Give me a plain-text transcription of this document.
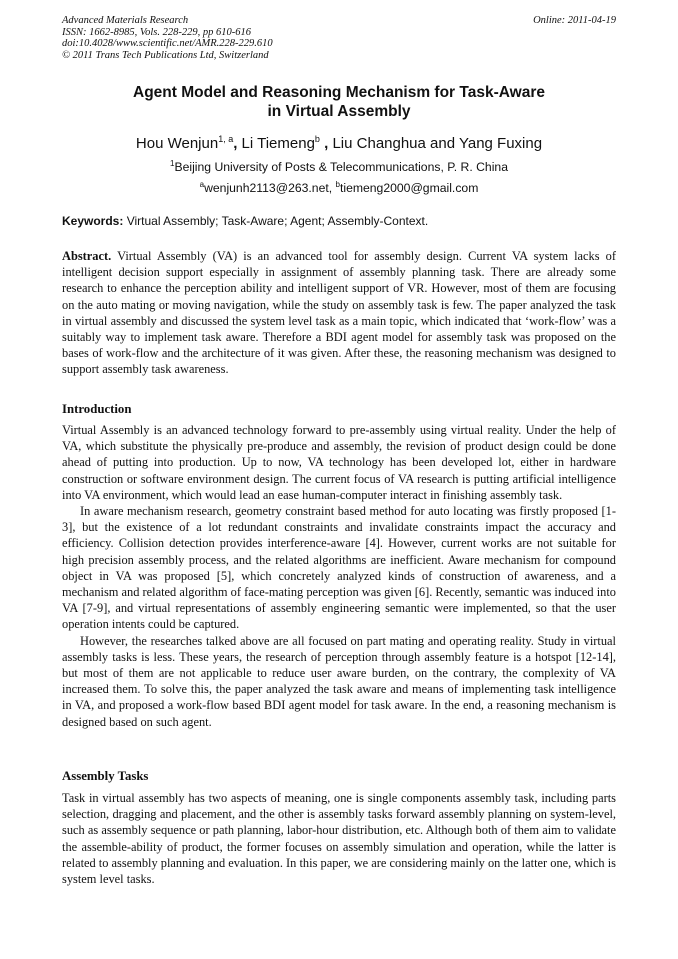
Advanced Materials Research
ISSN: 1662-8985, Vols. 228-229, pp 610-616
doi:10.4028/www.scientific.net/AMR.228-229.610
© 2011 Trans Tech Publications Ltd, Switzerland
Online: 2011-04-19
Agent Model and Reasoning Mechanism for Task-Aware
in Virtual Assembly
Hou Wenjun$^{1, a}$, Li Tiemeng$^b$ , Liu Changhua and Yang Fuxing
$^1$Beijing University of Posts & Telecommunications, P. R. China
$^a$wenjunh2113@263.net, $^b$tiemeng2000@gmail.com
Keywords: Virtual Assembly; Task-Aware; Agent; Assembly-Context.

Abstract. Virtual Assembly (VA) is an advanced tool for assembly design. Current VA system lacks of intelligent decision support especially in assignment of assembly planning task. There are already some research to enhance the perception ability and intelligent support of VR. However, most of them are focusing on the auto mating or moving navigation, while the study on assembly task is few. The paper analyzed the task in virtual assembly and discussed the system level task as a main topic, which indicated that ‘work-flow’ was a suitably way to implement task aware. Therefore a BDI agent model for assembly task was proposed on the bases of work-flow and the architecture of it was given. After these, the reasoning mechanism was designed to support assembly task awareness.

Introduction

Virtual Assembly is an advanced technology forward to pre-assembly using virtual reality. Under the help of VA, which substitute the physically pre-produce and assembly, the revision of product design could be done ahead of putting into production. Up to now, VA technology has been developed lot, either in hardware construction or software environment design. The current focus of VA research is putting artificial intelligence into VA environment, which would lead an ease human-computer interact in finishing assembly task.

In aware mechanism research, geometry constraint based method for auto locating was firstly proposed [1-3], but the existence of a lot redundant constraints and invalidate constraints impact the accuracy and efficiency. Collision detection provides interference-aware [4]. However, current works are not suitable for high precision assembly process, and the related algorithms are inefficient. Aware mechanism for compound object in VA was proposed [5], which concretely analyzed kinds of construction of awareness, and a mechanism and related algorithm of face-mating perception was given [6]. Recently, semantic was induced into VA [7-9], and virtual representations of assembly engineering semantic were implemented, so that the user operation intents could be captured.

However, the researches talked above are all focused on part mating and operating reality. Study in virtual assembly tasks is less. These years, the research of perception through assembly feature is a hotspot [12-14], but most of them are not applicable to reduce user aware burden, on the contrary, the complexity of VA increased them. To solve this, the paper analyzed the task aware and means of implementing task intelligence in VA, and proposed a work-flow based BDI agent model for task aware. In the end, a reasoning mechanism is designed based on such agent.

Assembly Tasks

Task in virtual assembly has two aspects of meaning, one is single components assembly task, including parts selection, dragging and placement, and the other is assembly tasks forward assembly planning on system-level, such as assembly sequence or path planning, labor-hour distribution, etc. Although both of them aim to validate the assemble-ability of product, the former focuses on assembly simulation and operation, while the latter is related to assembly planning and evaluation. In this paper, we are considering mainly on the latter one, which is system level tasks.
